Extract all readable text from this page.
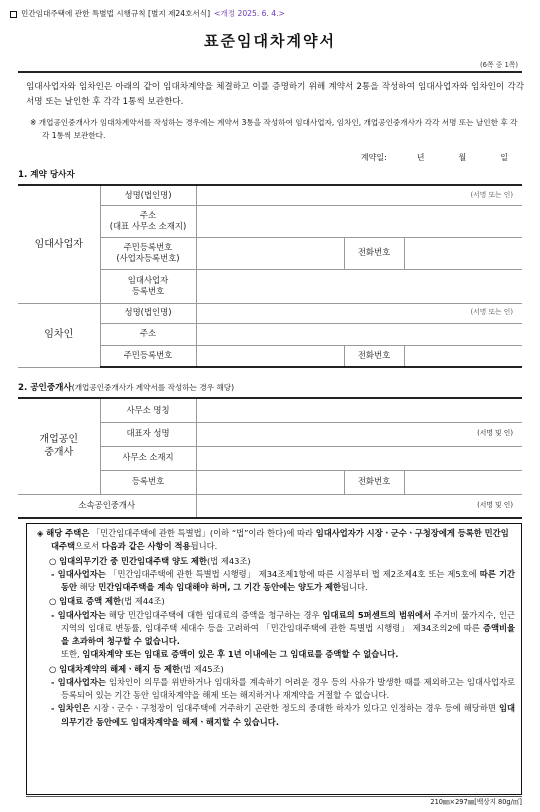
민간임대주택에 관한 특별법 시행규칙 [별지 제24호서식] <개정 2025. 6. 4.>
표준임대차계약서
(6쪽 중 1쪽)

임대사업자와 임차인은 아래의 같이 임대차계약을 체결하고 이를 증명하기 위해 계약서 2통을 작성하여 임대사업자와 임차인이 각각 서명 또는 날인한 후 각각 1통씩 보관한다.

※ 개업공인중개사가 임대차계약서를 작성하는 경우에는 계약서 3통을 작성하여 임대사업자, 임차인, 개업공인중개사가 각각 서명 또는 날인한 후 각각 1통씩 보관한다.

계약일:	년	월	일
1. 계약 당사자
임대사업자	성명(법인명)	(서명 또는 인)		

	주소
(대표 사무소 소재지)			

	주민등록번호
(사업자등록번호)		전화번호	

	임대사업자
등록번호			

임차인	성명(법인명)	(서명 또는 인)		

	주소			
	주민등록번호		전화번호	
2. 공인중개사(개업공인중개사가 계약서를 작성하는 경우 해당)
개업공인
중개사	사무소 명칭			
	대표자 성명	(서명 및 인)		

	사무소 소재지			
	등록번호		전화번호	
소속공인중개사		(서명 및 인)		

◈ 해당 주택은 「민간임대주택에 관한 특별법」(이하 “법”이라 한다)에 따라 임대사업자가 시장ㆍ군수ㆍ구청장에게 등록한 민간임대주택으로서 다음과 같은 사항이 적용됩니다.

○ 임대의무기간 중 민간임대주택 양도 제한(법 제43조)

- 임대사업자는 「민간임대주택에 관한 특별법 시행령」 제34조제1항에 따른 시점부터 법 제2조제4호 또는 제5호에 따른 기간 동안 해당 민간임대주택을 계속 임대해야 하며, 그 기간 동안에는 양도가 제한됩니다.

○ 임대료 증액 제한(법 제44조)

- 임대사업자는 해당 민간임대주택에 대한 임대료의 증액을 청구하는 경우 임대료의 5퍼센트의 범위에서 주거비 물가지수, 인근 지역의 임대료 변동률, 임대주택 세대수 등을 고려하여 「민간임대주택에 관한 특별법 시행령」 제34조의2에 따른 증액비율을 초과하여 청구할 수 없습니다.

또한, 임대차계약 또는 임대료 증액이 있은 후 1년 이내에는 그 임대료를 증액할 수 없습니다.

○ 임대차계약의 해제ㆍ해지 등 제한(법 제45조)

- 임대사업자는 임차인이 의무를 위반하거나 임대차를 계속하기 어려운 경우 등의 사유가 발생한 때를 제외하고는 임대사업자로 등록되어 있는 기간 동안 임대차계약을 해제 또는 해지하거나 재계약을 거절할 수 없습니다.

- 임차인은 시장ㆍ군수ㆍ구청장이 임대주택에 거주하기 곤란한 정도의 중대한 하자가 있다고 인정하는 경우 등에 해당하면 임대의무기간 동안에도 임대차계약을 해제ㆍ해지할 수 있습니다.

210㎜×297㎜[백상지 80g/㎡]
